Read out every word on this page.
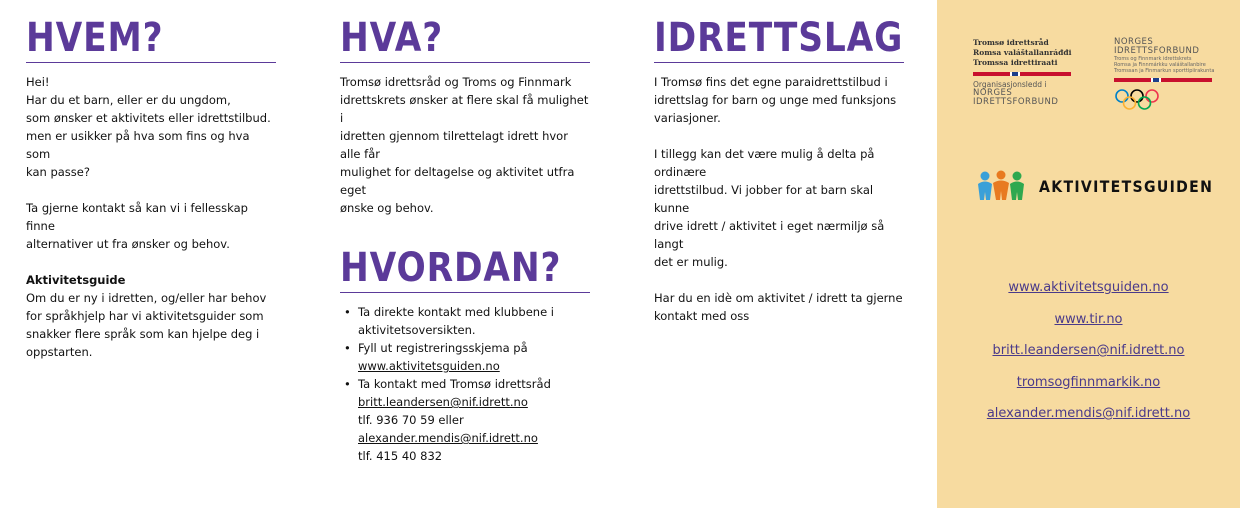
HVEM?

Hei!
Har du et barn, eller er du ungdom,
som ønsker et aktivitets eller idrettstilbud.
men er usikker på hva som fins og hva som
kan passe?

Ta gjerne kontakt så kan vi i fellesskap finne
alternativer ut fra ønsker og behov.

Aktivitetsguide

Om du er ny i idretten, og/eller har behov
for språkhjelp har vi aktivitetsguider som
snakker flere språk som kan hjelpe deg i
oppstarten.

HVA?

Tromsø idrettsråd og Troms og Finnmark
idrettskrets ønsker at flere skal få mulighet i
idretten gjennom tilrettelagt idrett hvor alle får
mulighet for deltagelse og aktivitet utfra eget
ønske og behov.

HVORDAN?
• Ta direkte kontakt med klubbene i
aktivitetsoversikten.
• Fyll ut registreringsskjema på
www.aktivitetsguiden.no
• Ta kontakt med Tromsø idrettsråd
britt.leandersen@nif.idrett.no
tlf. 936 70 59 eller
alexander.mendis@nif.idrett.no
tlf. 415 40 832
IDRETTSLAG

I Tromsø fins det egne paraidrettstilbud i
idrettslag for barn og unge med funksjons
variasjoner.

I tillegg kan det være mulig å delta på ordinære
idrettstilbud. Vi jobber for at barn skal kunne
drive idrett / aktivitet i eget nærmiljø så langt
det er mulig.

Har du en idè om aktivitet / idrett ta gjerne
kontakt med oss

Tromsø idrettsråd
Romsa valáštallanráđđi
Tromssa idrettiraati
Organisasjonsledd i
NORGES
IDRETTSFORBUND
NORGES
IDRETTSFORBUND
Troms og Finnmark idrettskrets
Romsa ja Finnmárkku valáštallanbire
Tromssan ja Finmarkun sporttipiirakunta
AKTIVITETSGUIDEN
www.aktivitetsguiden.no
www.tir.no
britt.leandersen@nif.idrett.no
tromsogfinnmarkik.no
alexander.mendis@nif.idrett.no
